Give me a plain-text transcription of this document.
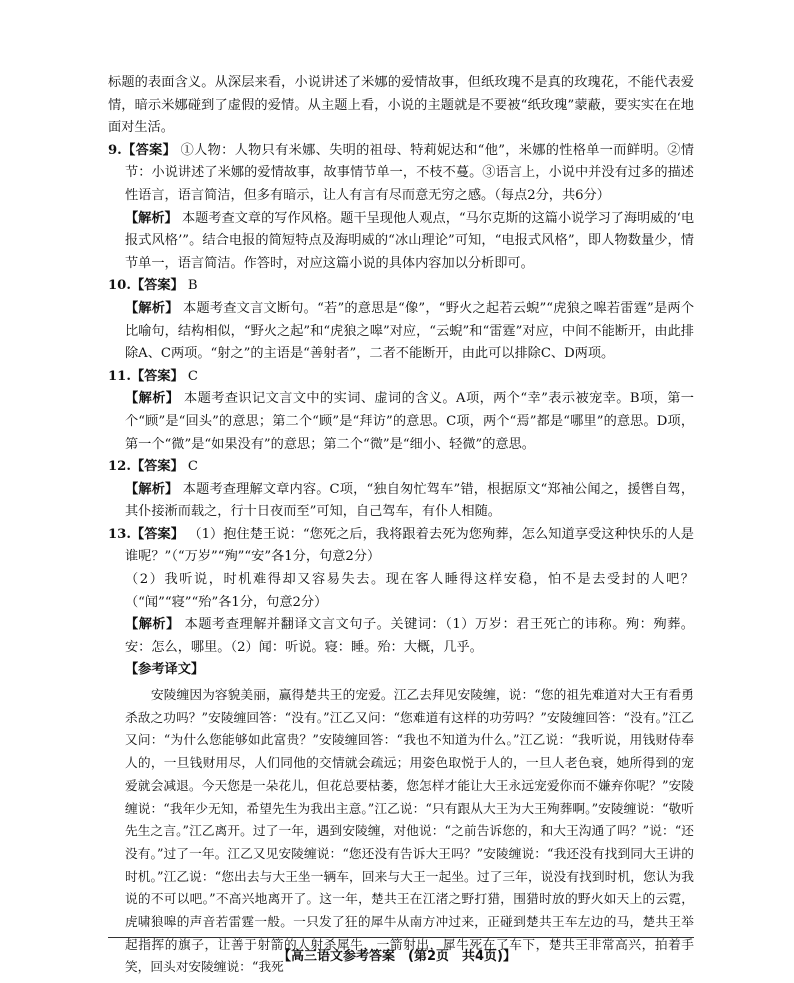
标题的表面含义。从深层来看，小说讲述了米娜的爱情故事，但纸玫瑰不是真的玫瑰花，不能代表爱情，暗示米娜碰到了虚假的爱情。从主题上看，小说的主题就是不要被“纸玫瑰”蒙蔽，要实实在在地面对生活。

9.【答案】 ①人物：人物只有米娜、失明的祖母、特莉妮达和“他”，米娜的性格单一而鲜明。②情节：小说讲述了米娜的爱情故事，故事情节单一，不枝不蔓。③语言上，小说中并没有过多的描述性语言，语言简洁，但多有暗示，让人有言有尽而意无穷之感。（每点2分，共6分）

【解析】 本题考查文章的写作风格。题干呈现他人观点，“马尔克斯的这篇小说学习了海明威的‘电报式风格’”。结合电报的简短特点及海明威的“冰山理论”可知，“电报式风格”，即人物数量少，情节单一，语言简洁。作答时，对应这篇小说的具体内容加以分析即可。

10.【答案】 B

【解析】 本题考查文言文断句。“若”的意思是“像”，“野火之起若云蜺”“虎狼之嗥若雷霆”是两个比喻句，结构相似，“野火之起”和“虎狼之嗥”对应，“云蜺”和“雷霆”对应，中间不能断开，由此排除A、C两项。“射之”的主语是“善射者”，二者不能断开，由此可以排除C、D两项。

11.【答案】 C

【解析】 本题考查识记文言文中的实词、虚词的含义。A项，两个“幸”表示被宠幸。B项，第一个“顾”是“回头”的意思；第二个“顾”是“拜访”的意思。C项，两个“焉”都是“哪里”的意思。D项，第一个“微”是“如果没有”的意思；第二个“微”是“细小、轻微”的意思。

12.【答案】 C

【解析】 本题考查理解文章内容。C项，“独自匆忙驾车”错，根据原文“郑袖公闻之，援辔自驾，其仆接淅而载之，行十日夜而至”可知，自己驾车，有仆人相随。

13.【答案】 （1）抱住楚王说：“您死之后，我将跟着去死为您殉葬，怎么知道享受这种快乐的人是谁呢？”（“万岁”“殉”“安”各1分，句意2分）

（2）我听说，时机难得却又容易失去。现在客人睡得这样安稳，怕不是去受封的人吧？（“闻”“寝”“殆”各1分，句意2分）

【解析】 本题考查理解并翻译文言文句子。关键词：（1）万岁：君王死亡的讳称。殉：殉葬。安：怎么，哪里。（2）闻：听说。寝：睡。殆：大概，几乎。

【参考译文】

安陵缠因为容貌美丽，赢得楚共王的宠爱。江乙去拜见安陵缠，说：“您的祖先难道对大王有看勇杀敌之功吗？”安陵缠回答：“没有。”江乙又问：“您难道有这样的功劳吗？”安陵缠回答：“没有。”江乙又问：“为什么您能够如此富贵？”安陵缠回答：“我也不知道为什么。”江乙说：“我听说，用钱财侍奉人的，一旦钱财用尽，人们同他的交情就会疏远；用姿色取悦于人的，一旦人老色衰，她所得到的宠爱就会减退。今天您是一朵花儿，但花总要枯萎，您怎样才能让大王永远宠爱你而不嫌弃你呢？”安陵缠说：“我年少无知，希望先生为我出主意。”江乙说：“只有跟从大王为大王殉葬啊。”安陵缠说：“敬听先生之言。”江乙离开。过了一年，遇到安陵缠，对他说：“之前告诉您的，和大王沟通了吗？”说：“还没有。”过了一年。江乙又见安陵缠说：“您还没有告诉大王吗？”安陵缠说：“我还没有找到同大王讲的时机。”江乙说：“您出去与大王坐一辆车，回来与大王一起坐。过了三年，说没有找到时机，您认为我说的不可以吧。”不高兴地离开了。这一年，楚共王在江渚之野打猎，围猎时放的野火如天上的云霓，虎啸狼嗥的声音若雷霆一般。一只发了狂的犀牛从南方冲过来，正碰到楚共王车左边的马，楚共王举起指挥的旗子，让善于射箭的人射杀犀牛，一箭射出，犀牛死在了车下，楚共王非常高兴，拍着手笑，回头对安陵缠说：“我死

【高三语文参考答案　(第2页　共4页)】
